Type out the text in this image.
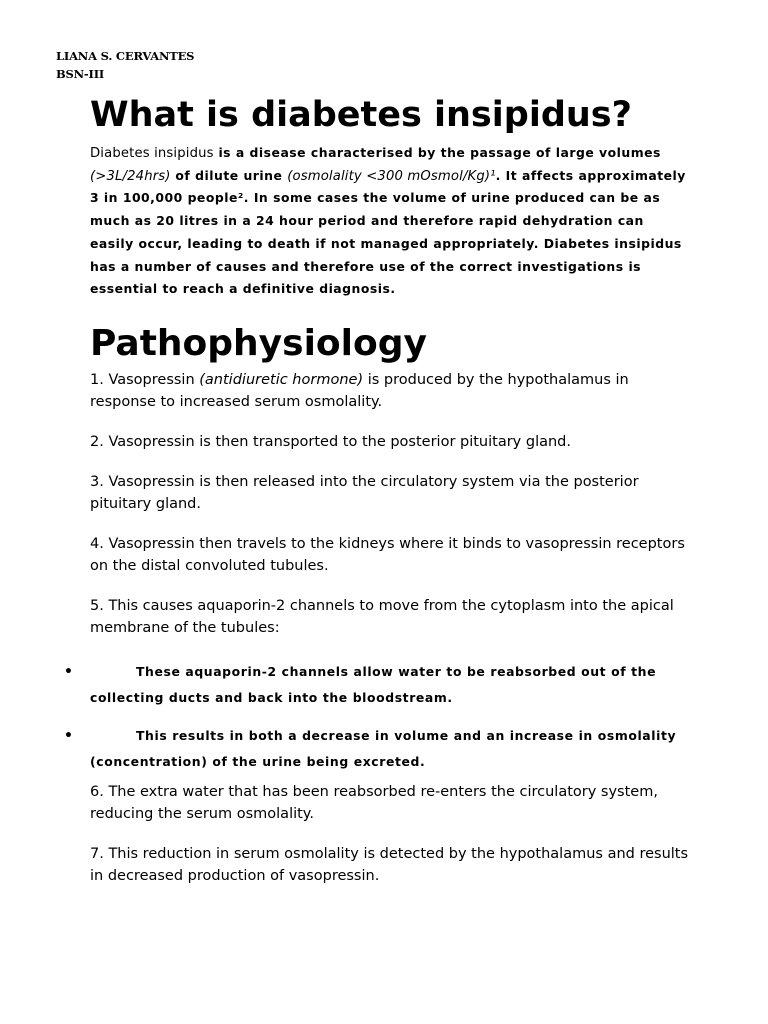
LIANA S. CERVANTES
BSN-III
What is diabetes insipidus?

Diabetes insipidus is a disease characterised by the passage of large volumes (>3L/24hrs) of dilute urine (osmolality <300 mOsmol/Kg)¹. It affects approximately 3 in 100,000 people². In some cases the volume of urine produced can be as much as 20 litres in a 24 hour period and therefore rapid dehydration can easily occur, leading to death if not managed appropriately. Diabetes insipidus has a number of causes and therefore use of the correct investigations is essential to reach a definitive diagnosis.

Pathophysiology
1. Vasopressin (antidiuretic hormone) is produced by the hypothalamus in response to increased serum osmolality.
2. Vasopressin is then transported to the posterior pituitary gland.
3. Vasopressin is then released into the circulatory system via the posterior pituitary gland.
4. Vasopressin then travels to the kidneys where it binds to vasopressin receptors on the distal convoluted tubules.
5. This causes aquaporin-2 channels to move from the cytoplasm into the apical membrane of the tubules:
•	These aquaporin-2 channels allow water to be reabsorbed out of the collecting ducts and back into the bloodstream.
•	This results in both a decrease in volume and an increase in osmolality (concentration) of the urine being excreted.
6. The extra water that has been reabsorbed re-enters the circulatory system, reducing the serum osmolality.
7. This reduction in serum osmolality is detected by the hypothalamus and results in decreased production of vasopressin.
